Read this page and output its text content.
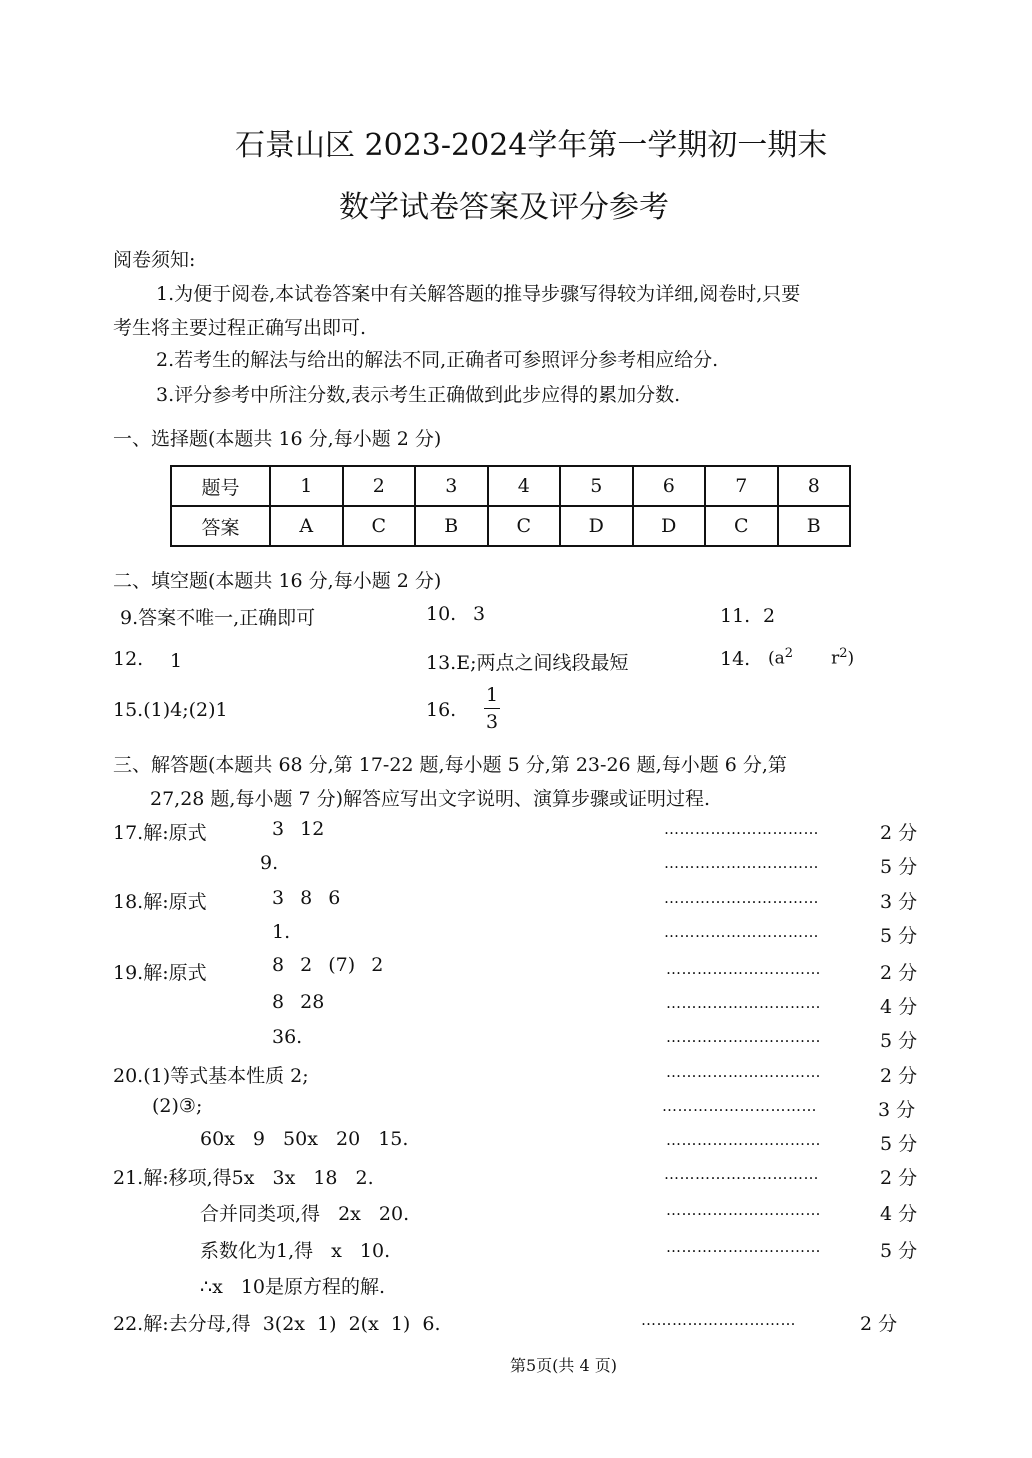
石景山区 2023-2024学年第一学期初一期末
数学试卷答案及评分参考
阅卷须知:
1.为便于阅卷,本试卷答案中有关解答题的推导步骤写得较为详细,阅卷时,只要
考生将主要过程正确写出即可.
2.若考生的解法与给出的解法不同,正确者可参照评分参考相应给分.
3.评分参考中所注分数,表示考生正确做到此步应得的累加分数.
一、选择题(本题共 16 分,每小题 2 分)
题号	1	2	3	4	5	6	7	8
答案	A	C	B	C	D	D	C	B
二、填空题(本题共 16 分,每小题 2 分)
9.答案不唯一,正确即可	10. 3	11. 2
12. 1	13.E;两点之间线段最短	14. ($a^2$ $r^2$)
15.(1)4;(2)1	16.
1
3
三、解答题(本题共 68 分,第 17-22 题,每小题 5 分,第 23-26 题,每小题 6 分,第
27,28 题,每小题 7 分)解答应写出文字说明、演算步骤或证明过程.
17.解:原式	3 12	…………………………	2 分
9.	…………………………	5 分
18.解:原式	3 8 6	…………………………	3 分
1.	…………………………	5 分
19.解:原式	8 2 (7) 2	…………………………	2 分
8 28	…………………………	4 分
36.	…………………………	5 分
20.(1)等式基本性质 2;	…………………………	2 分
(2)③;	…………………………	3 分
60x 9 50x 20 15.	…………………………	5 分
21.解:移项,得5x 3x 18 2.	…………………………	2 分
合并同类项,得 2x 20.	…………………………	4 分
系数化为1,得 x 10.	…………………………	5 分
∴x 10是原方程的解.
22.解:去分母,得 3(2x 1) 2(x 1) 6.	…………………………	2 分
第5页(共 4 页)
